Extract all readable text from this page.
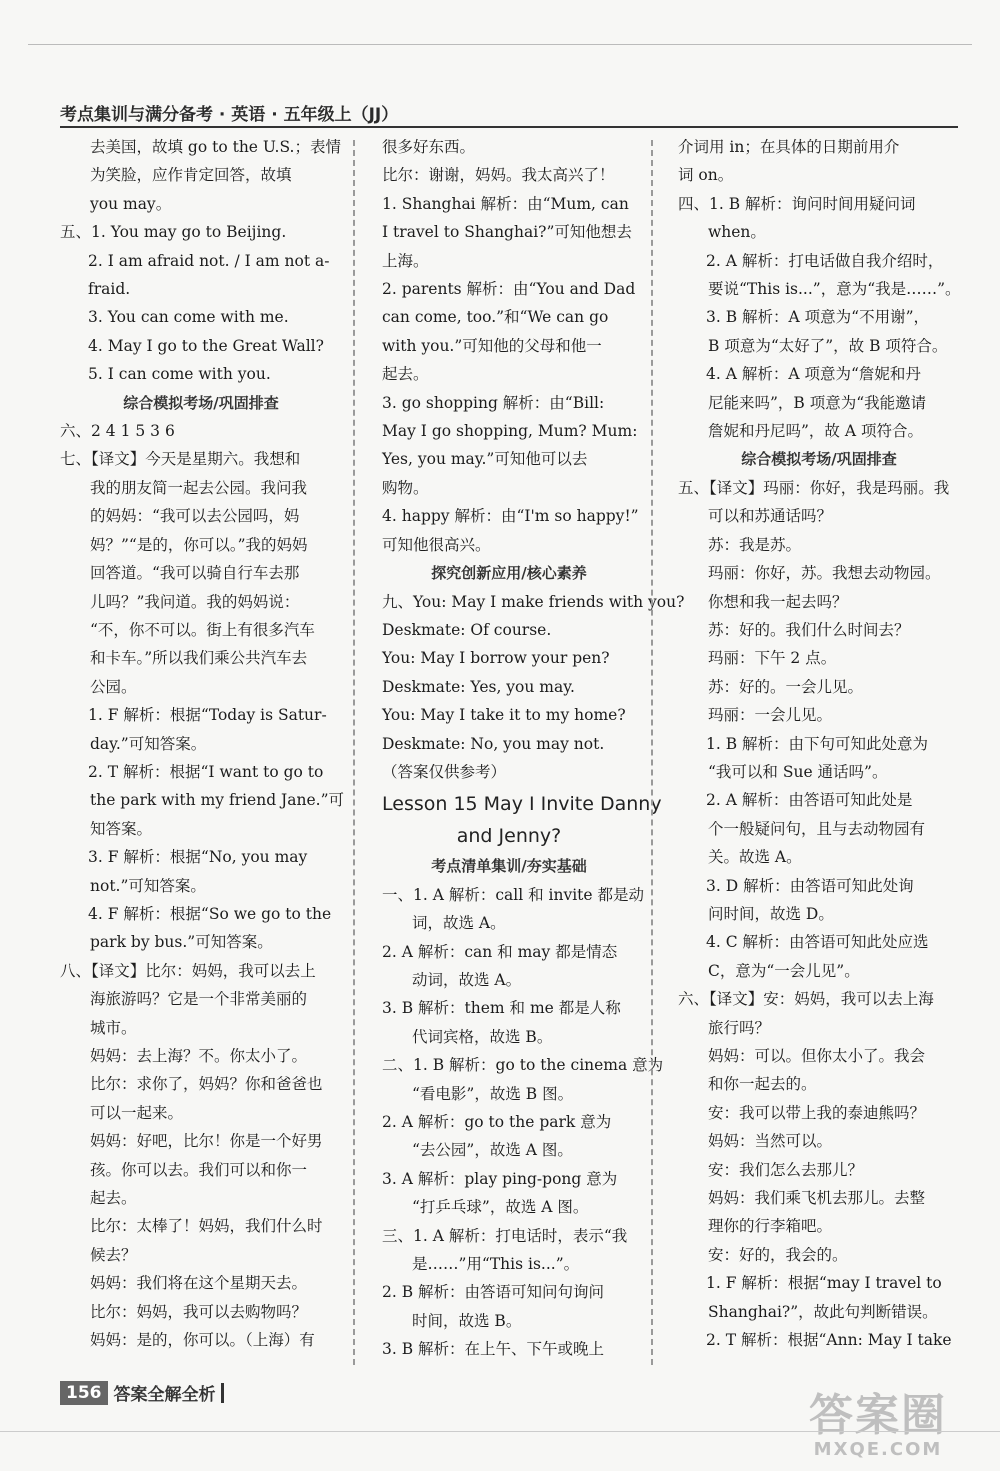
考点集训与满分备考 · 英语 · 五年级上（JJ）
去美国，故填 go to the U.S.；表情
为笑脸，应作肯定回答，故填
you may。
五、1. You may go to Beijing.
2. I am afraid not. / I am not a-
fraid.
3. You can come with me.
4. May I go to the Great Wall?
5. I can come with you.
综合模拟考场/巩固排查
六、2 4 1 5 3 6
七、【译文】今天是星期六。我想和
我的朋友简一起去公园。我问我
的妈妈：“我可以去公园吗，妈
妈？”“是的，你可以。”我的妈妈
回答道。“我可以骑自行车去那
儿吗？”我问道。我的妈妈说：
“不，你不可以。街上有很多汽车
和卡车。”所以我们乘公共汽车去
公园。
1. F 解析：根据“Today is Satur-
day.”可知答案。
2. T 解析：根据“I want to go to
the park with my friend Jane.”可
知答案。
3. F 解析：根据“No, you may
not.”可知答案。
4. F 解析：根据“So we go to the
park by bus.”可知答案。
八、【译文】比尔：妈妈，我可以去上
海旅游吗？它是一个非常美丽的
城市。
妈妈：去上海？不。你太小了。
比尔：求你了，妈妈？你和爸爸也
可以一起来。
妈妈：好吧，比尔！你是一个好男
孩。你可以去。我们可以和你一
起去。
比尔：太棒了！妈妈，我们什么时
候去？
妈妈：我们将在这个星期天去。
比尔：妈妈，我可以去购物吗？
妈妈：是的，你可以。（上海）有
很多好东西。
比尔：谢谢，妈妈。我太高兴了！
1. Shanghai 解析：由“Mum, can
I travel to Shanghai?”可知他想去
上海。
2. parents 解析：由“You and Dad
can come, too.”和“We can go
with you.”可知他的父母和他一
起去。
3. go shopping 解析：由“Bill:
May I go shopping, Mum? Mum:
Yes, you may.”可知他可以去
购物。
4. happy 解析：由“I'm so happy!”
可知他很高兴。
探究创新应用/核心素养
九、You: May I make friends with you?
Deskmate: Of course.
You: May I borrow your pen?
Deskmate: Yes, you may.
You: May I take it to my home?
Deskmate: No, you may not.
（答案仅供参考）
Lesson 15 May I Invite Danny
and Jenny?
考点清单集训/夯实基础
一、1. A 解析：call 和 invite 都是动
词，故选 A。
2. A 解析：can 和 may 都是情态
动词，故选 A。
3. B 解析：them 和 me 都是人称
代词宾格，故选 B。
二、1. B 解析：go to the cinema 意为
“看电影”，故选 B 图。
2. A 解析：go to the park 意为
“去公园”，故选 A 图。
3. A 解析：play ping-pong 意为
“打乒乓球”，故选 A 图。
三、1. A 解析：打电话时，表示“我
是……”用“This is...”。
2. B 解析：由答语可知问句询问
时间，故选 B。
3. B 解析：在上午、下午或晚上
介词用 in；在具体的日期前用介
词 on。
四、1. B 解析：询问时间用疑问词
when。
2. A 解析：打电话做自我介绍时，
要说“This is...”，意为“我是……”。
3. B 解析：A 项意为“不用谢”，
B 项意为“太好了”，故 B 项符合。
4. A 解析：A 项意为“詹妮和丹
尼能来吗”，B 项意为“我能邀请
詹妮和丹尼吗”，故 A 项符合。
综合模拟考场/巩固排查
五、【译文】玛丽：你好，我是玛丽。我
可以和苏通话吗？
苏：我是苏。
玛丽：你好，苏。我想去动物园。
你想和我一起去吗？
苏：好的。我们什么时间去？
玛丽：下午 2 点。
苏：好的。一会儿见。
玛丽：一会儿见。
1. B 解析：由下句可知此处意为
“我可以和 Sue 通话吗”。
2. A 解析：由答语可知此处是
个一般疑问句，且与去动物园有
关。故选 A。
3. D 解析：由答语可知此处询
问时间，故选 D。
4. C 解析：由答语可知此处应选
C，意为“一会儿见”。
六、【译文】安：妈妈，我可以去上海
旅行吗？
妈妈：可以。但你太小了。我会
和你一起去的。
安：我可以带上我的泰迪熊吗？
妈妈：当然可以。
安：我们怎么去那儿？
妈妈：我们乘飞机去那儿。去整
理你的行李箱吧。
安：好的，我会的。
1. F 解析：根据“may I travel to
Shanghai?”，故此句判断错误。
2. T 解析：根据“Ann: May I take
156 答案全解全析	答案圈
MXQE.COM
